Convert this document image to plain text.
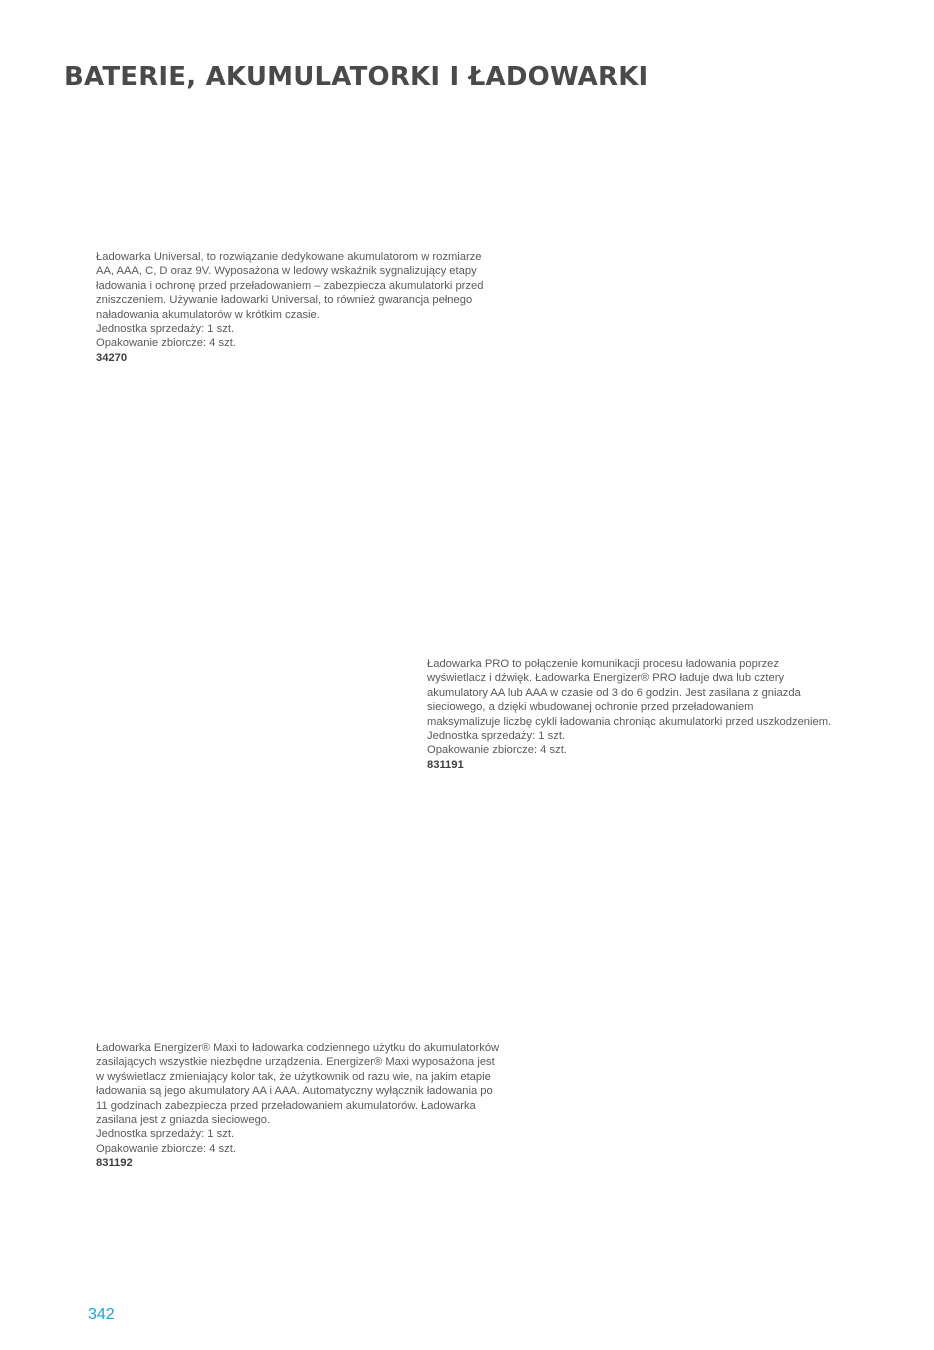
BATERIE, AKUMULATORKI I ŁADOWARKI
Ładowarka Universal, to rozwiązanie dedykowane akumulatorom w rozmiarze
AA, AAA, C, D oraz 9V. Wyposażona w ledowy wskaźnik sygnalizujący etapy
ładowania i ochronę przed przeładowaniem – zabezpiecza akumulatorki przed
zniszczeniem. Używanie ładowarki Universal, to również gwarancja pełnego
naładowania akumulatorów w krótkim czasie.
Jednostka sprzedaży: 1 szt.
Opakowanie zbiorcze: 4 szt.
34270
Ładowarka PRO to połączenie komunikacji procesu ładowania poprzez
wyświetlacz i dźwięk. Ładowarka Energizer® PRO ładuje dwa lub cztery
akumulatory AA lub AAA w czasie od 3 do 6 godzin. Jest zasilana z gniazda
sieciowego, a dzięki wbudowanej ochronie przed przeładowaniem
maksymalizuje liczbę cykli ładowania chroniąc akumulatorki przed uszkodzeniem.
Jednostka sprzedaży: 1 szt.
Opakowanie zbiorcze: 4 szt.
831191
Ładowarka Energizer® Maxi to ładowarka codziennego użytku do akumulatorków
zasilających wszystkie niezbędne urządzenia. Energizer® Maxi wyposażona jest
w wyświetlacz zmieniający kolor tak, że użytkownik od razu wie, na jakim etapie
ładowania są jego akumulatory AA i AAA. Automatyczny wyłącznik ładowania po
11 godzinach zabezpiecza przed przeładowaniem akumulatorów. Ładowarka
zasilana jest z gniazda sieciowego.
Jednostka sprzedaży: 1 szt.
Opakowanie zbiorcze: 4 szt.
831192
342
